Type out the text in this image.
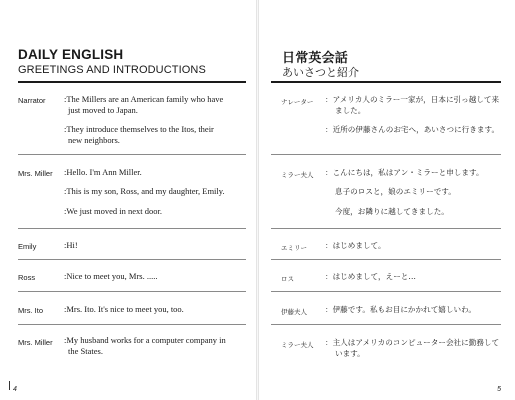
DAILY ENGLISH
GREETINGS AND INTRODUCTIONS
Narrator :The Millers are an American family who have
just moved to Japan.
:They introduce themselves to the Itos, their
new neighbors.
Mrs. Miller :Hello. I'm Ann Miller.
:This is my son, Ross, and my daughter, Emily.
:We just moved in next door.
Emily	:Hi!
Ross	:Nice to meet you, Mrs. .....
Mrs. Ito :Mrs. Ito. It's nice to meet you, too.
Mrs. Miller :My husband works for a computer company in
the States.
4
日常英会話
あいさつと紹介
ナレーター ：アメリカ人のミラー一家が，日本に引っ越して来
ました。
：近所の伊藤さんのお宅へ，あいさつに行きます。
ミラー夫人 ：こんにちは，私はアン・ミラーと申します。
息子のロスと，娘のエミリーです。
今度，お隣りに越してきました。
エミリー ：はじめまして。
ロス	：はじめまして，えーと…
伊藤夫人 ：伊藤です。私もお目にかかれて嬉しいわ。
ミラー夫人 ：主人はアメリカのコンピューター会社に勤務して
います。
5
